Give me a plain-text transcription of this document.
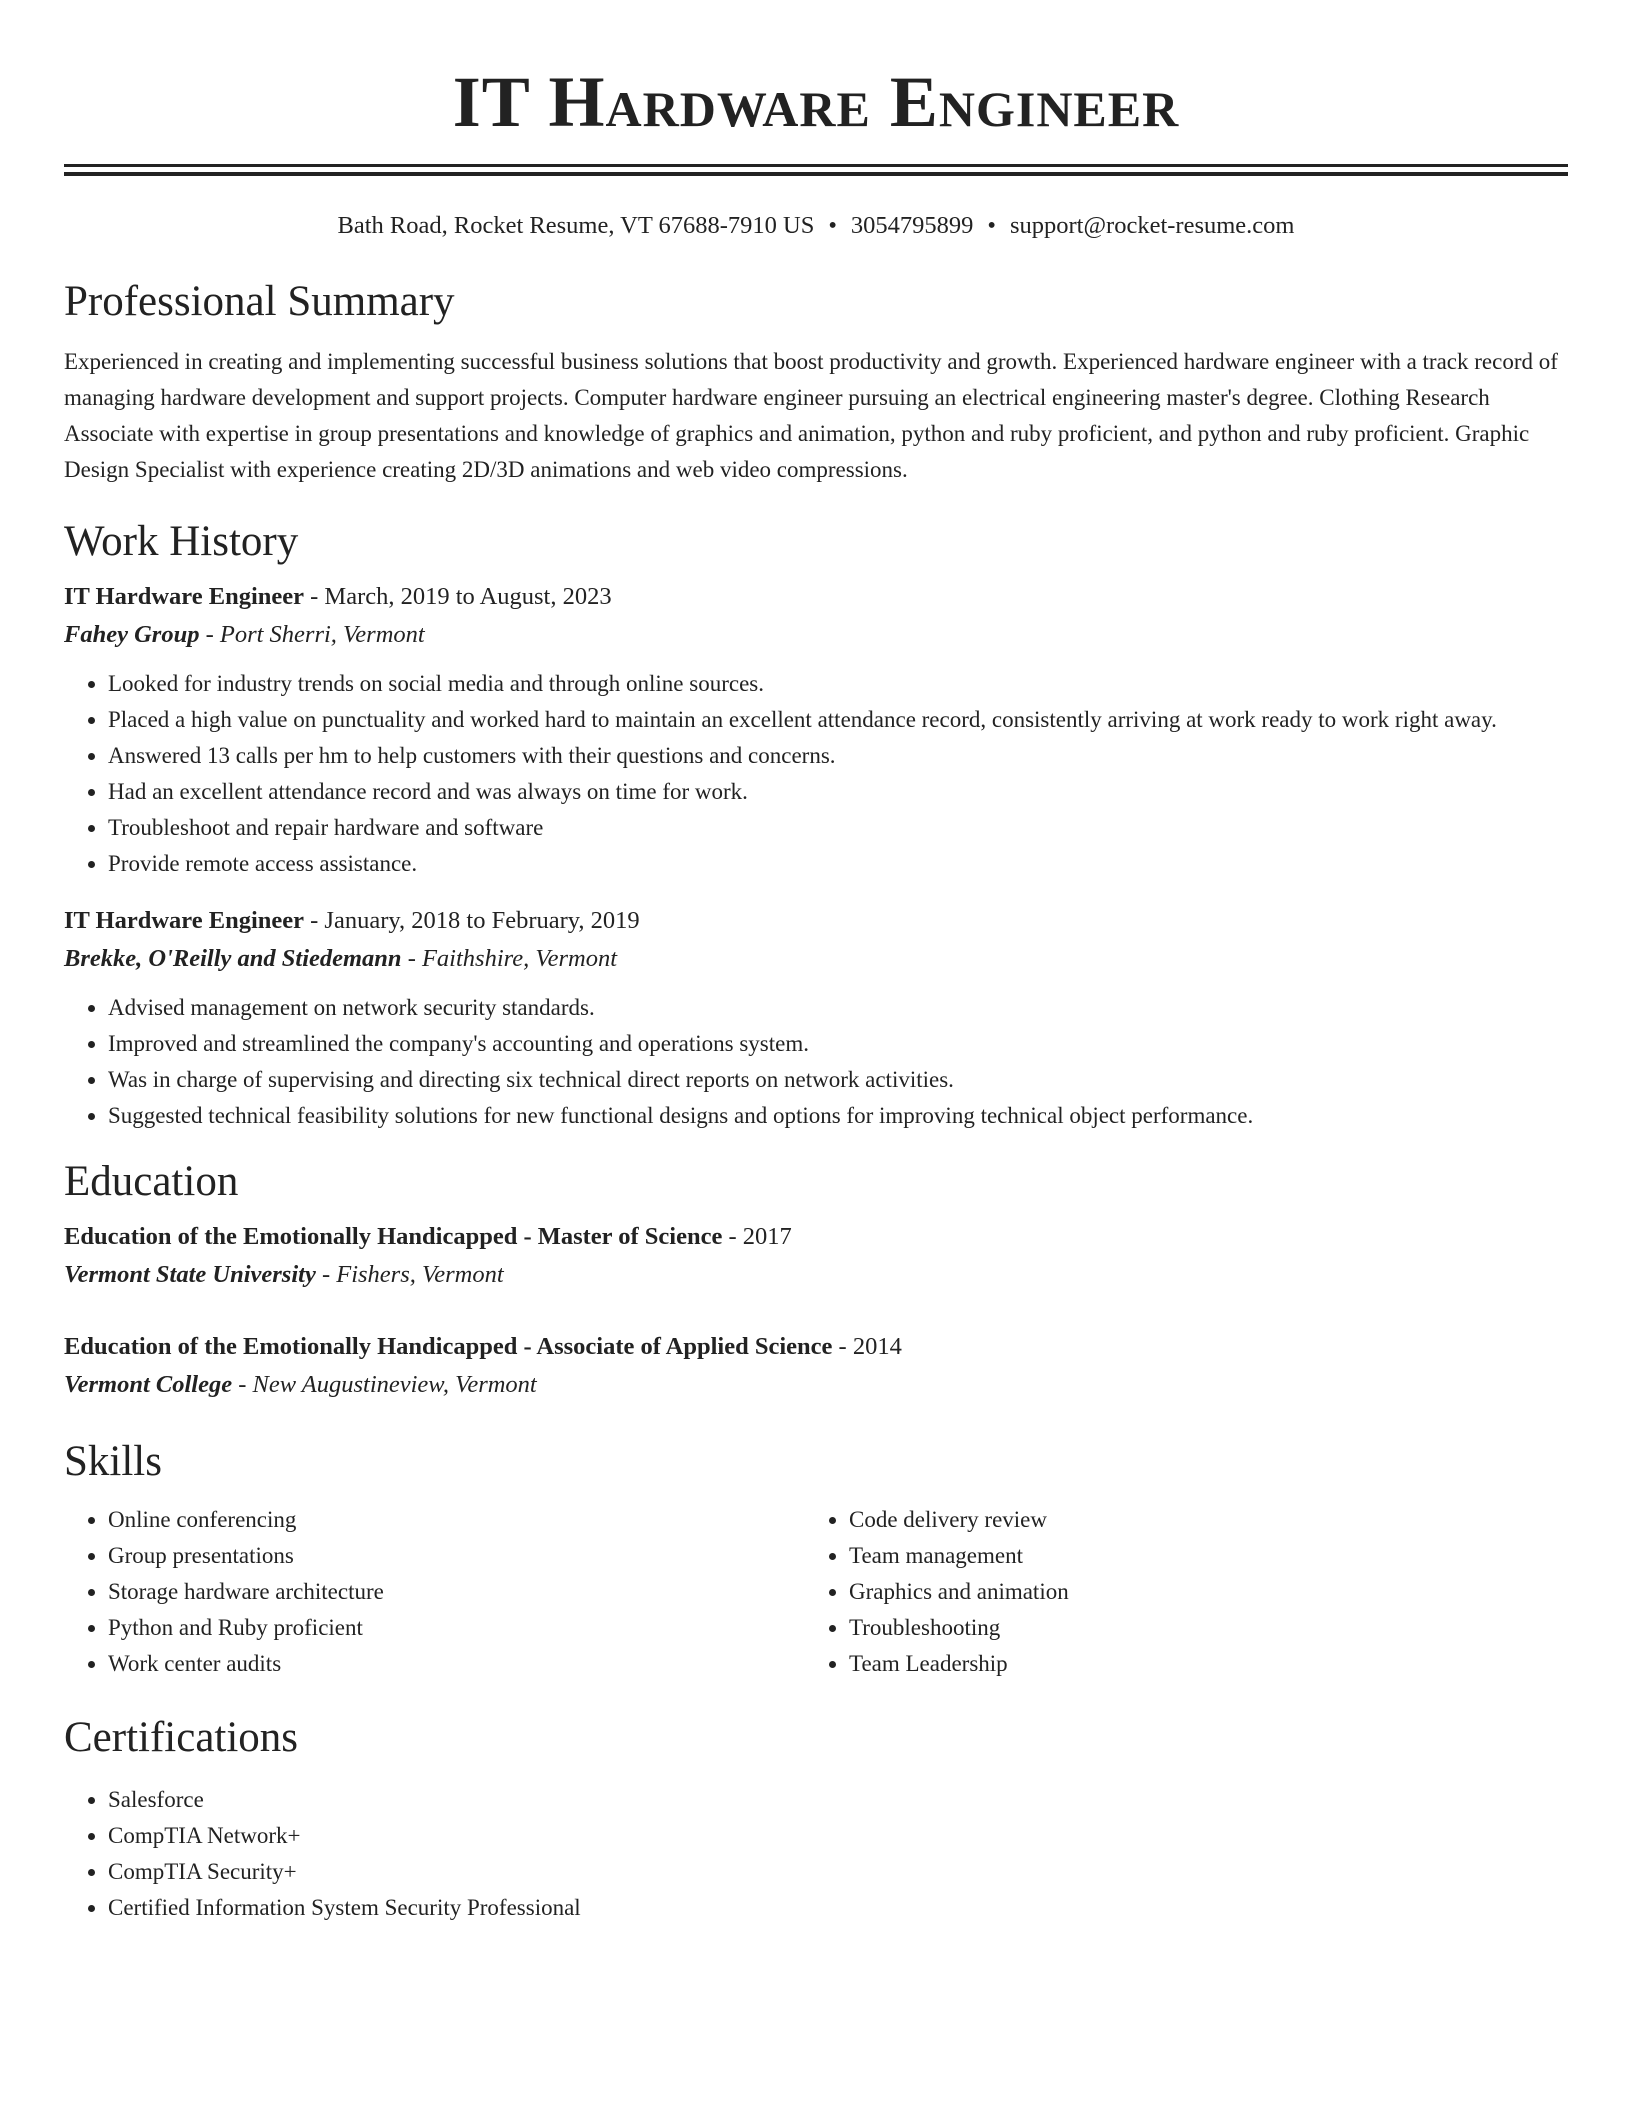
IT Hardware Engineer
Bath Road, Rocket Resume, VT 67688-7910 US • 3054795899 • support@rocket-resume.com
Professional Summary
Experienced in creating and implementing successful business solutions that boost productivity and growth. Experienced hardware engineer with a track record of managing hardware development and support projects. Computer hardware engineer pursuing an electrical engineering master's degree. Clothing Research Associate with expertise in group presentations and knowledge of graphics and animation, python and ruby proficient, and python and ruby proficient. Graphic Design Specialist with experience creating 2D/3D animations and web video compressions.
Work History
IT Hardware Engineer - March, 2019 to August, 2023
Fahey Group - Port Sherri, Vermont
• Looked for industry trends on social media and through online sources.
• Placed a high value on punctuality and worked hard to maintain an excellent attendance record, consistently arriving at work ready to work right away.
• Answered 13 calls per hm to help customers with their questions and concerns.
• Had an excellent attendance record and was always on time for work.
• Troubleshoot and repair hardware and software
• Provide remote access assistance.
IT Hardware Engineer - January, 2018 to February, 2019
Brekke, O'Reilly and Stiedemann - Faithshire, Vermont
• Advised management on network security standards.
• Improved and streamlined the company's accounting and operations system.
• Was in charge of supervising and directing six technical direct reports on network activities.
• Suggested technical feasibility solutions for new functional designs and options for improving technical object performance.
Education
Education of the Emotionally Handicapped - Master of Science - 2017
Vermont State University - Fishers, Vermont
Education of the Emotionally Handicapped - Associate of Applied Science - 2014
Vermont College - New Augustineview, Vermont
Skills
• Online conferencing
• Group presentations
• Storage hardware architecture
• Python and Ruby proficient
• Work center audits
• Code delivery review
• Team management
• Graphics and animation
• Troubleshooting
• Team Leadership
Certifications
• Salesforce
• CompTIA Network+
• CompTIA Security+
• Certified Information System Security Professional
